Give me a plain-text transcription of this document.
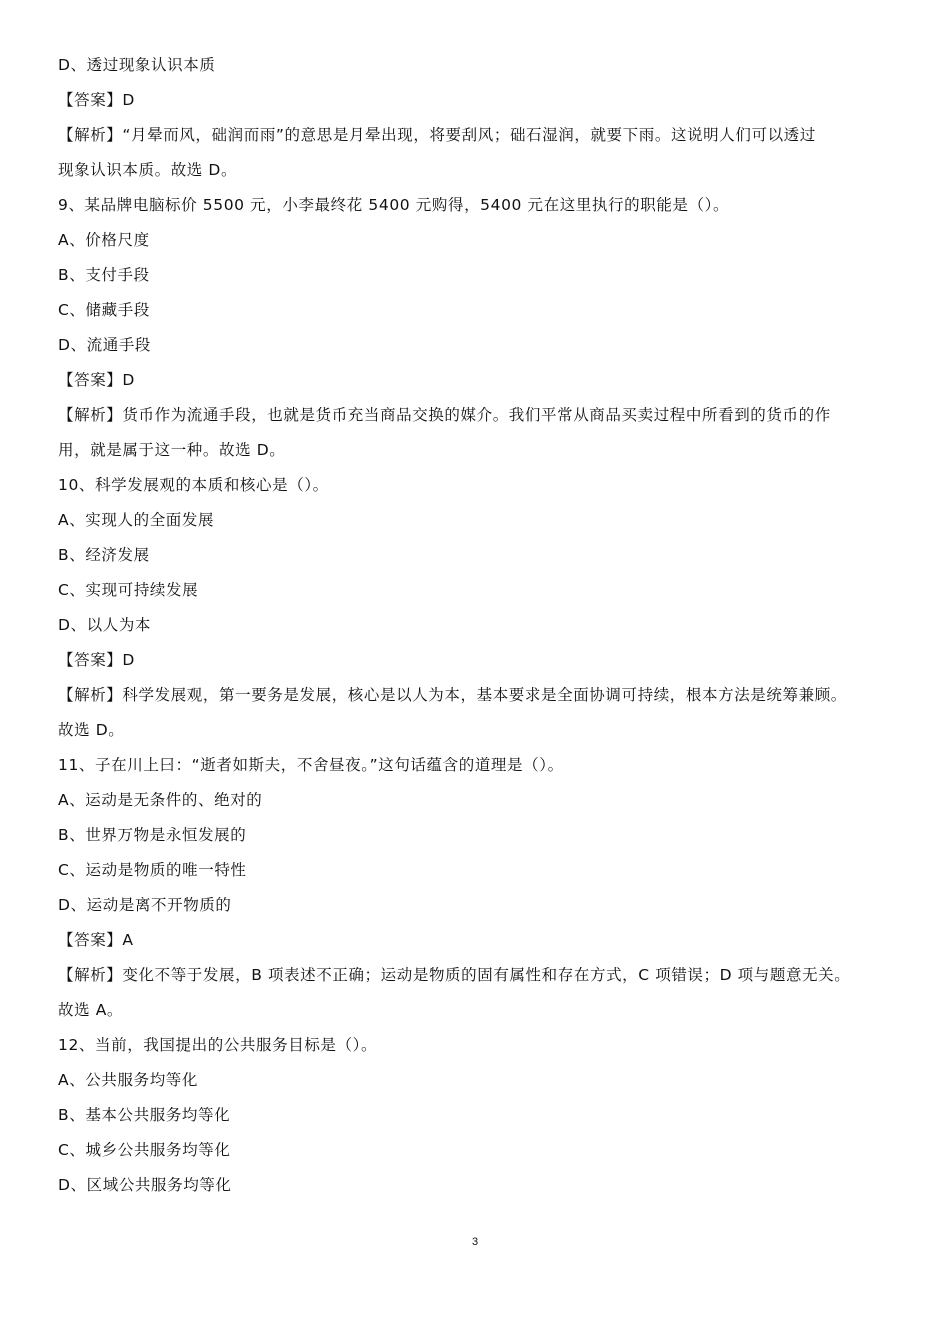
D、透过现象认识本质
【答案】D
【解析】“月晕而风，础润而雨”的意思是月晕出现，将要刮风；础石湿润，就要下雨。这说明人们可以透过
现象认识本质。故选 D。
9、某品牌电脑标价 5500 元，小李最终花 5400 元购得，5400 元在这里执行的职能是（）。
A、价格尺度
B、支付手段
C、储藏手段
D、流通手段
【答案】D
【解析】货币作为流通手段，也就是货币充当商品交换的媒介。我们平常从商品买卖过程中所看到的货币的作
用，就是属于这一种。故选 D。
10、科学发展观的本质和核心是（）。
A、实现人的全面发展
B、经济发展
C、实现可持续发展
D、以人为本
【答案】D
【解析】科学发展观，第一要务是发展，核心是以人为本，基本要求是全面协调可持续，根本方法是统筹兼顾。
故选 D。
11、子在川上曰：“逝者如斯夫，不舍昼夜。”这句话蕴含的道理是（）。
A、运动是无条件的、绝对的
B、世界万物是永恒发展的
C、运动是物质的唯一特性
D、运动是离不开物质的
【答案】A
【解析】变化不等于发展，B 项表述不正确；运动是物质的固有属性和存在方式，C 项错误；D 项与题意无关。
故选 A。
12、当前，我国提出的公共服务目标是（）。
A、公共服务均等化
B、基本公共服务均等化
C、城乡公共服务均等化
D、区域公共服务均等化
3
